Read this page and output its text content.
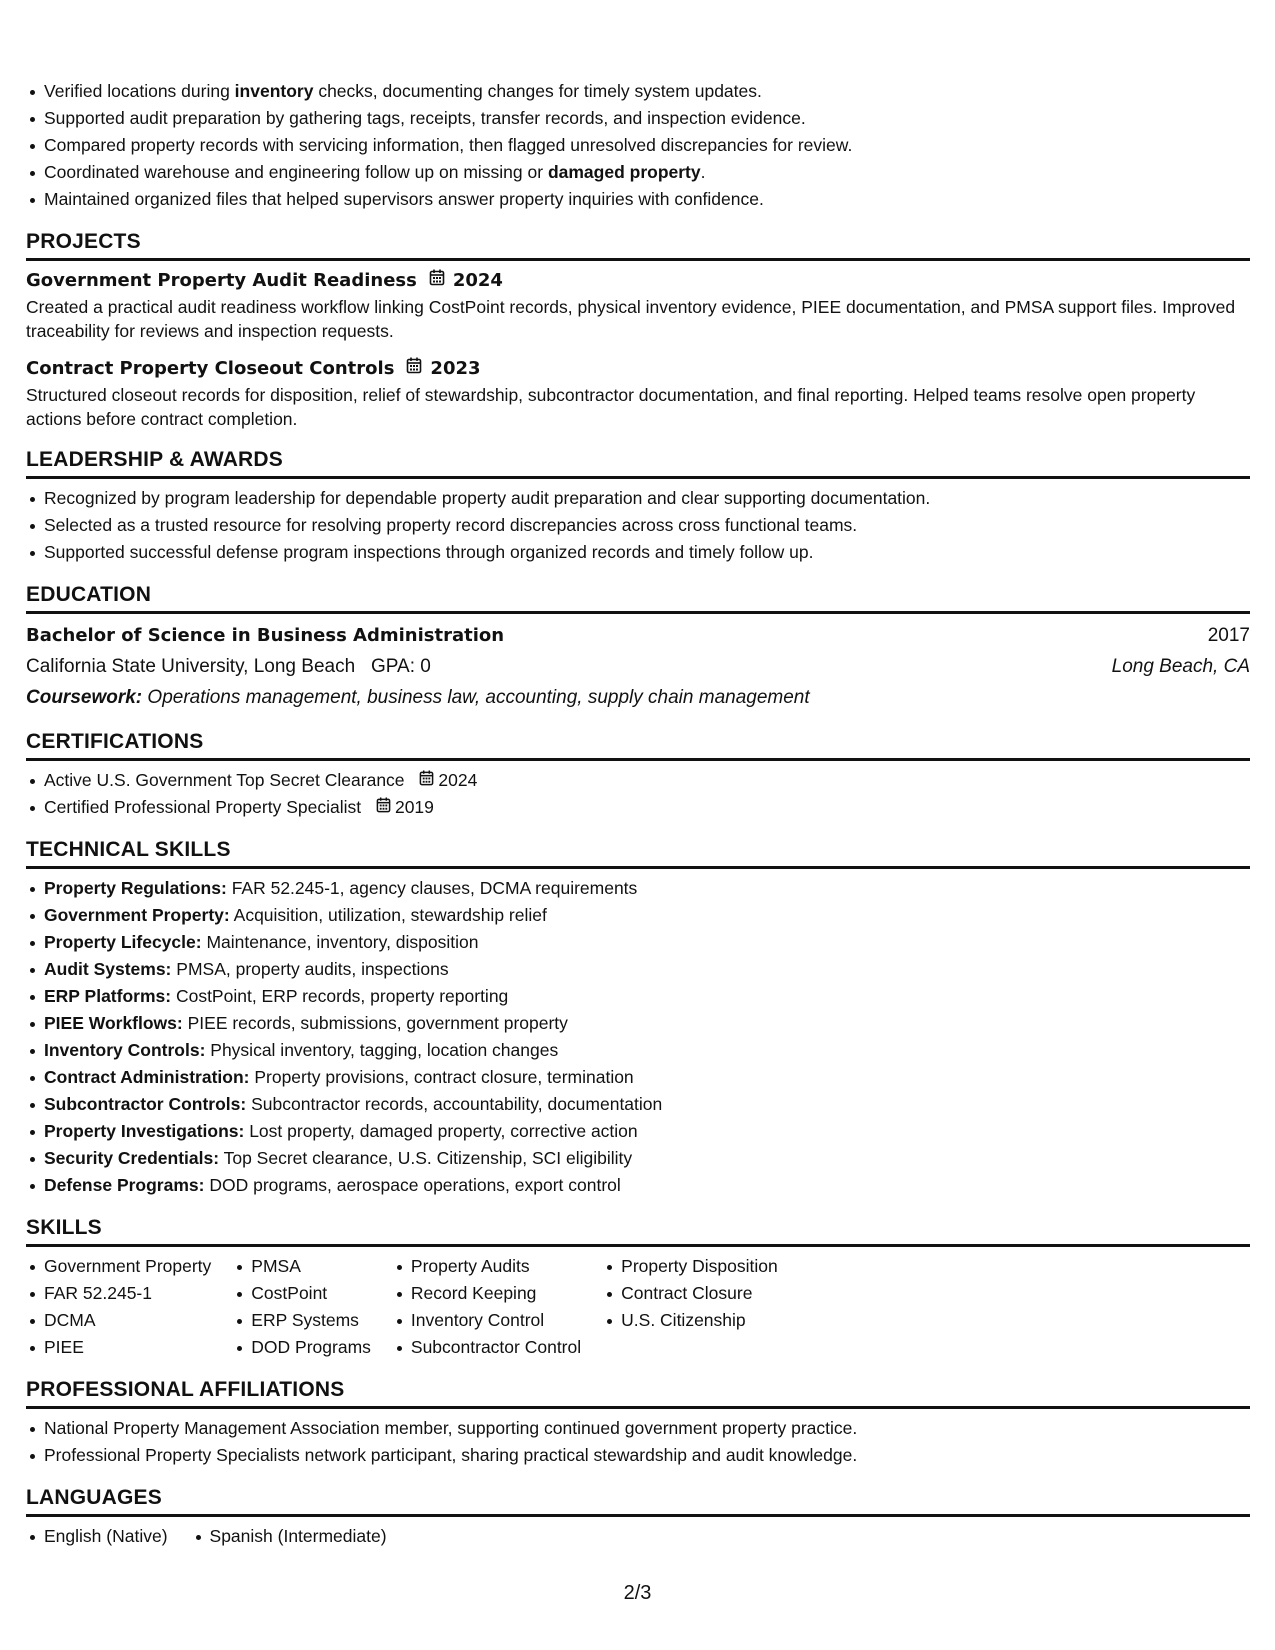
Verified locations during inventory checks, documenting changes for timely system updates.
Supported audit preparation by gathering tags, receipts, transfer records, and inspection evidence.
Compared property records with servicing information, then flagged unresolved discrepancies for review.
Coordinated warehouse and engineering follow up on missing or damaged property.
Maintained organized files that helped supervisors answer property inquiries with confidence.
PROJECTS
Government Property Audit Readiness 2024
Created a practical audit readiness workflow linking CostPoint records, physical inventory evidence, PIEE documentation, and PMSA support files. Improved traceability for reviews and inspection requests.
Contract Property Closeout Controls 2023
Structured closeout records for disposition, relief of stewardship, subcontractor documentation, and final reporting. Helped teams resolve open property actions before contract completion.
LEADERSHIP & AWARDS
Recognized by program leadership for dependable property audit preparation and clear supporting documentation.
Selected as a trusted resource for resolving property record discrepancies across cross functional teams.
Supported successful defense program inspections through organized records and timely follow up.
EDUCATION
Bachelor of Science in Business Administration	2017
California State University, Long Beach GPA: 0	Long Beach, CA
Coursework: Operations management, business law, accounting, supply chain management
CERTIFICATIONS
Active U.S. Government Top Secret Clearance 2024
Certified Professional Property Specialist 2019
TECHNICAL SKILLS
Property Regulations: FAR 52.245-1, agency clauses, DCMA requirements
Government Property: Acquisition, utilization, stewardship relief
Property Lifecycle: Maintenance, inventory, disposition
Audit Systems: PMSA, property audits, inspections
ERP Platforms: CostPoint, ERP records, property reporting
PIEE Workflows: PIEE records, submissions, government property
Inventory Controls: Physical inventory, tagging, location changes
Contract Administration: Property provisions, contract closure, termination
Subcontractor Controls: Subcontractor records, accountability, documentation
Property Investigations: Lost property, damaged property, corrective action
Security Credentials: Top Secret clearance, U.S. Citizenship, SCI eligibility
Defense Programs: DOD programs, aerospace operations, export control
SKILLS
Government Property
FAR 52.245-1
DCMA
PIEE
PMSA
CostPoint
ERP Systems
DOD Programs
Property Audits
Record Keeping
Inventory Control
Subcontractor Control
Property Disposition
Contract Closure
U.S. Citizenship
PROFESSIONAL AFFILIATIONS
National Property Management Association member, supporting continued government property practice.
Professional Property Specialists network participant, sharing practical stewardship and audit knowledge.
LANGUAGES
English (Native)	Spanish (Intermediate)
2/3
